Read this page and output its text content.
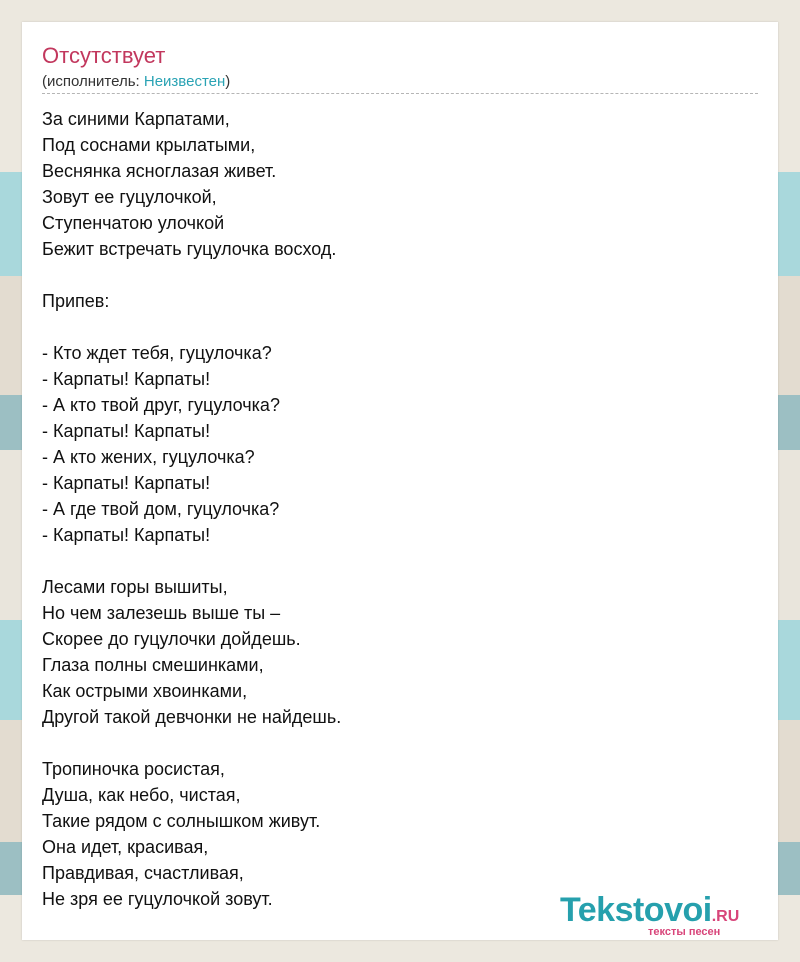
Отсутствует
(исполнитель: Неизвестен)
За синими Карпатами,
Под соснами крылатыми,
Веснянка ясноглазая живет.
Зовут ее гуцулочкой,
Ступенчатою улочкой
Бежит встречать гуцулочка восход.
Припев:
- Кто ждет тебя, гуцулочка?
- Карпаты! Карпаты!
- А кто твой друг, гуцулочка?
- Карпаты! Карпаты!
- А кто жених, гуцулочка?
- Карпаты! Карпаты!
- А где твой дом, гуцулочка?
- Карпаты! Карпаты!
Лесами горы вышиты,
Но чем залезешь выше ты –
Скорее до гуцулочки дойдешь.
Глаза полны смешинками,
Как острыми хвоинками,
Другой такой девчонки не найдешь.
Тропиночка росистая,
Душа, как небо, чистая,
Такие рядом с солнышком живут.
Она идет, красивая,
Правдивая, счастливая,
Не зря ее гуцулочкой зовут.	Tekstovoi.RU
тексты песен
